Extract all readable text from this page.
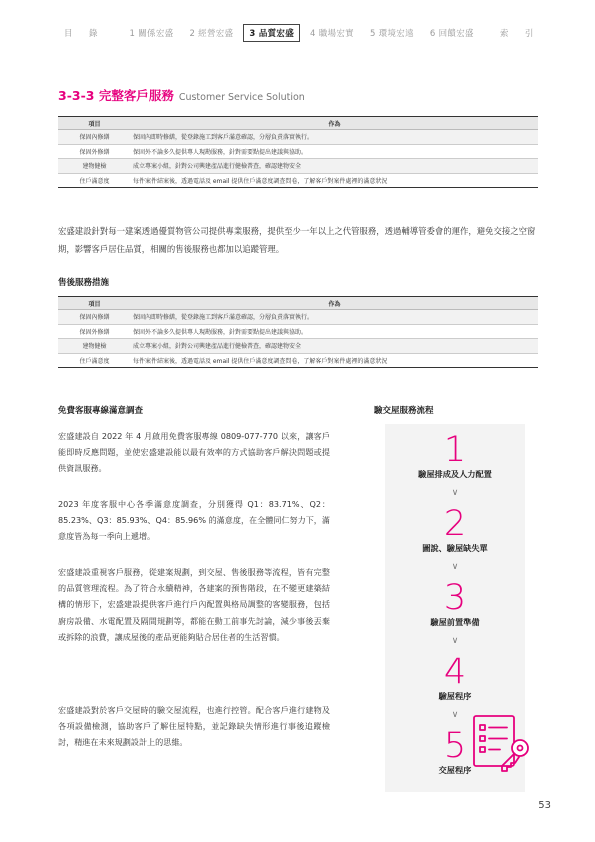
目　錄	1 關係宏盛	2 經營宏盛	3 品質宏盛	4 職場宏實	5 環境宏遠	6 回饋宏盛	索　引
3-3-3 完整客戶服務 Customer Service Solution
項目	作為
保固內修繕	保固內即時修繕，從登錄施工到客戶滿意確認，分層負責落實執行。
保固外修繕	保固外不論多久提供專人現勘服務，針對需要點提出建議與協助。
建物健檢	成立專案小組，針對公司興建產品進行健檢普查，確認建物安全
住戶滿意度	每件案件結案後，透過電話及 email 提供住戶滿意度調查問卷，了解客戶對案件處裡的滿意狀況

宏盛建設針對每一建案透過優質物管公司提供專業服務，提供至少一年以上之代管服務，透過輔導管委會的運作，避免交接之空窗期，影響客戶居住品質，相關的售後服務也都加以追蹤管理。

售後服務措施
項目	作為
保固內修繕	保固內即時修繕，從登錄施工到客戶滿意確認，分層負責落實執行。
保固外修繕	保固外不論多久提供專人現勘服務，針對需要點提出建議與協助。
建物健檢	成立專案小組，針對公司興建產品進行健檢普查，確認建物安全
住戶滿意度	每件案件結案後，透過電話及 email 提供住戶滿意度調查問卷，了解客戶對案件處裡的滿意狀況
免費客服專線滿意調查

宏盛建設自 2022 年 4 月啟用免費客服專線 0809-077-770 以來，讓客戶能即時反應問題，並使宏盛建設能以最有效率的方式協助客戶解決問題或提供資訊服務。

2023 年度客服中心各季滿意度調查，分別獲得 Q1：83.71%、Q2：85.23%、Q3：85.93%、Q4：85.96% 的滿意度，在全體同仁努力下，滿意度皆為每一季向上遞增。

宏盛建設重視客戶服務，從建案規劃，到交屋、售後服務等流程，皆有完整的品質管理流程。為了符合永續精神，各建案的預售階段，在不變更建築結構的情形下，宏盛建設提供客戶進行戶內配置與格局調整的客變服務，包括廚房設備、水電配置及隔間規劃等，都能在動工前事先討論，減少事後丟棄或拆除的浪費，讓成屋後的產品更能夠貼合居住者的生活習慣。

宏盛建設對於客戶交屋時的驗交屋流程，也進行控管。配合客戶進行建物及各項設備檢測，協助客戶了解住屋特點，並記錄缺失情形進行事後追蹤檢討，精進在未來規劃設計上的思維。

驗交屋服務流程
1
驗屋排成及人力配置
∨
2
圖說、驗屋缺失單
∨
3
驗屋前置準備
∨
4
驗屋程序
∨
5
交屋程序
53
